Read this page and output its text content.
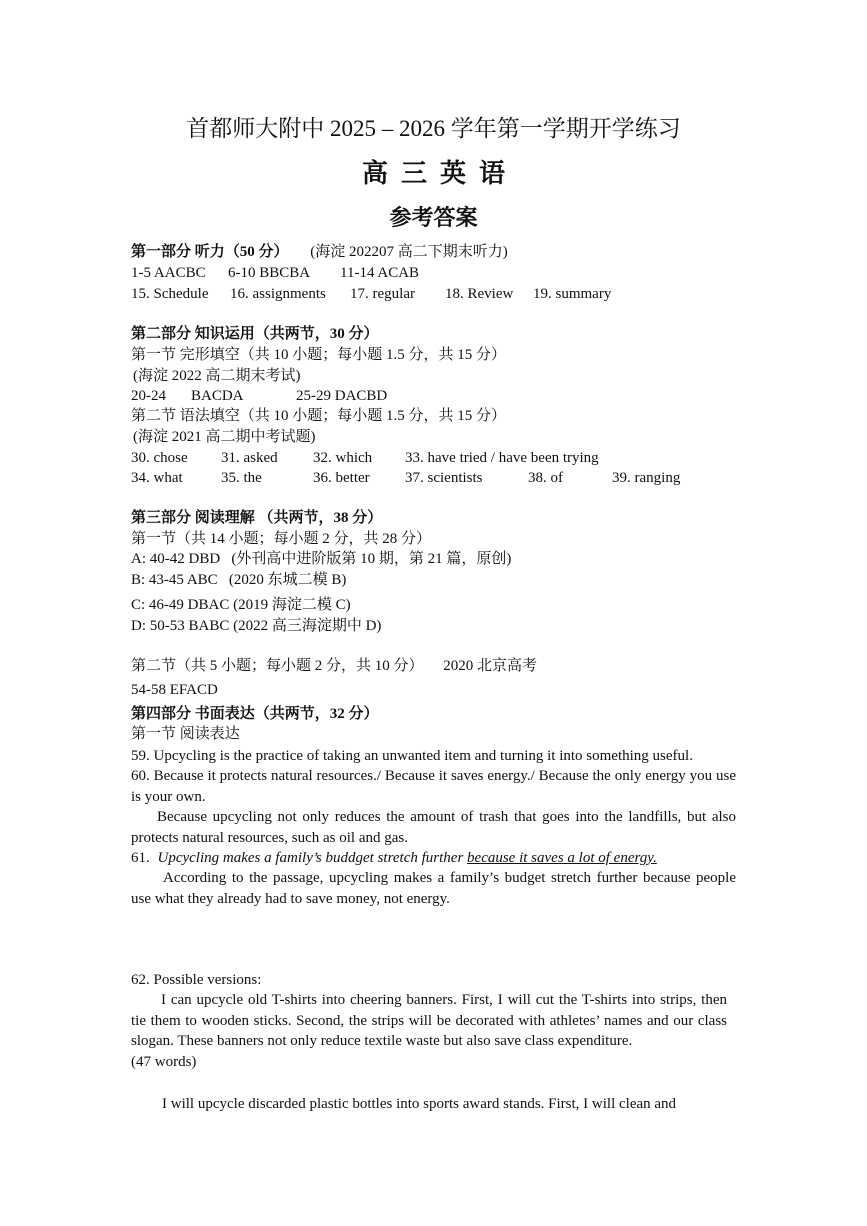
首都师大附中 2025 – 2026 学年第一学期开学练习
高  三  英  语
参考答案
第一部分 听力（50 分） (海淀 202207 高二下期末听力)
1-5 AACBC 6-10 BBCBA 11-14 ACAB
15. Schedule 16. assignments 17. regular 18. Review 19. summary
第二部分 知识运用（共两节，30 分）
第一节 完形填空（共 10 小题；每小题 1.5 分，共 15 分）
(海淀 2022 高二期末考试)
20-24 BACDA	25-29 DACBD
第二节 语法填空（共 10 小题；每小题 1.5 分，共 15 分）
(海淀 2021 高二期中考试题)
30. chose 31. asked 32. which 33. have tried / have been trying
34. what	35. the	36. better 37. scientists	38. of	39. ranging
第三部分 阅读理解 （共两节，38 分）
第一节（共 14 小题；每小题 2 分，共 28 分）
A: 40-42 DBD   (外刊高中进阶版第 10 期，第 21 篇，原创)
B: 43-45 ABC   (2020 东城二模 B)
C: 46-49 DBAC (2019 海淀二模 C)
D: 50-53 BABC (2022 高三海淀期中 D)
第二节（共 5 小题；每小题 2 分，共 10 分） 2020 北京高考
54-58 EFACD
第四部分 书面表达（共两节，32 分）
第一节 阅读表达
59. Upcycling is the practice of taking an unwanted item and turning it into something useful.
60. Because it protects natural resources./ Because it saves energy./ Because the only energy you use is your own.
Because upcycling not only reduces the amount of trash that goes into the landfills, but also protects natural resources, such as oil and gas.
61. Upcycling makes a family’s buddget stretch further because it saves a lot of energy.
According to the passage, upcycling makes a family’s budget stretch further because people use what they already had to save money, not energy.
62. Possible versions:
I can upcycle old T-shirts into cheering banners. First, I will cut the T-shirts into strips, then tie them to wooden sticks. Second, the strips will be decorated with athletes’ names and our class slogan. These banners not only reduce textile waste but also save class expenditure.
(47 words)
I will upcycle discarded plastic bottles into sports award stands. First, I will clean and
